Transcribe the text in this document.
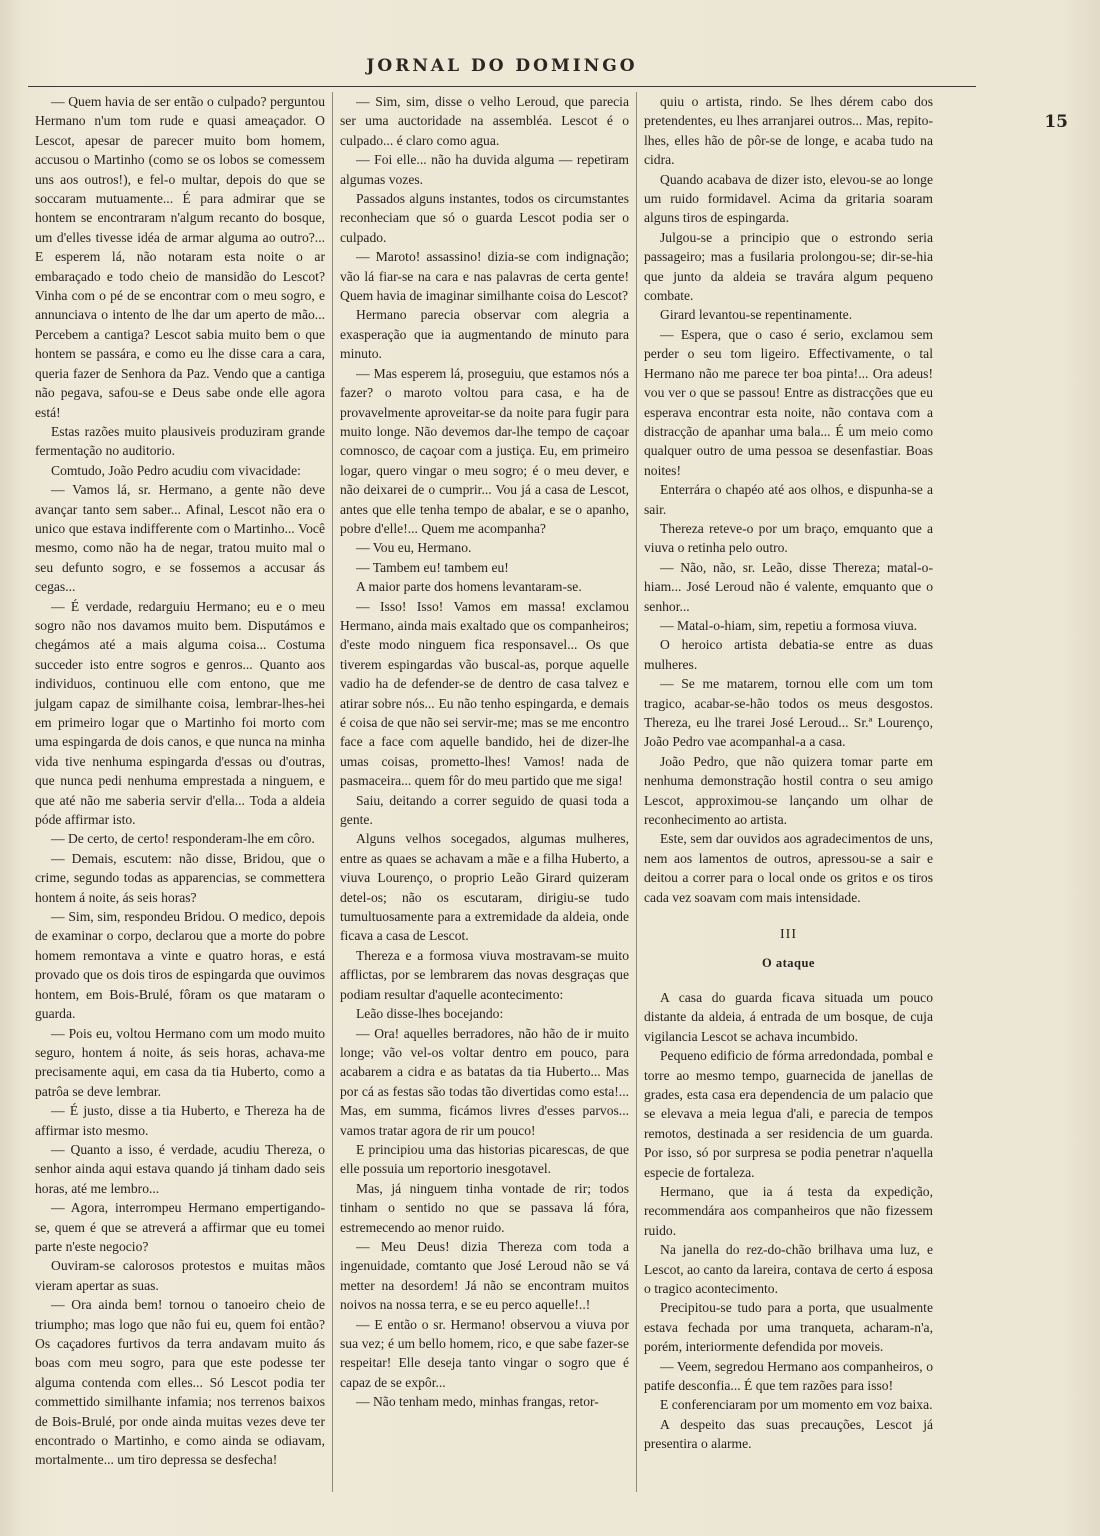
JORNAL DO DOMINGO
15

— Quem havia de ser então o culpado? perguntou Hermano n'um tom rude e quasi ameaçador. O Lescot, apesar de parecer muito bom homem, accusou o Martinho (como se os lobos se comessem uns aos outros!), e fel-o multar, depois do que se soccaram mutuamente... É para admirar que se hontem se encontraram n'algum recanto do bosque, um d'elles tivesse idéa de armar alguma ao outro?... E esperem lá, não notaram esta noite o ar embaraçado e todo cheio de mansidão do Lescot? Vinha com o pé de se encontrar com o meu sogro, e annunciava o intento de lhe dar um aperto de mão... Percebem a cantiga? Lescot sabia muito bem o que hontem se passára, e como eu lhe disse cara a cara, queria fazer de Senhora da Paz. Vendo que a cantiga não pegava, safou-se e Deus sabe onde elle agora está!

Estas razões muito plausiveis produziram grande fermentação no auditorio.

Comtudo, João Pedro acudiu com vivacidade:

— Vamos lá, sr. Hermano, a gente não deve avançar tanto sem saber... Afinal, Lescot não era o unico que estava indifferente com o Martinho... Você mesmo, como não ha de negar, tratou muito mal o seu defunto sogro, e se fossemos a accusar ás cegas...

— É verdade, redarguiu Hermano; eu e o meu sogro não nos davamos muito bem. Disputámos e chegámos até a mais alguma coisa... Costuma succeder isto entre sogros e genros... Quanto aos individuos, continuou elle com entono, que me julgam capaz de similhante coisa, lembrar-lhes-hei em primeiro logar que o Martinho foi morto com uma espingarda de dois canos, e que nunca na minha vida tive nenhuma espingarda d'essas ou d'outras, que nunca pedi nenhuma emprestada a ninguem, e que até não me saberia servir d'ella... Toda a aldeia póde affirmar isto.

— De certo, de certo! responderam-lhe em côro.

— Demais, escutem: não disse, Bridou, que o crime, segundo todas as apparencias, se commettera hontem á noite, ás seis horas?

— Sim, sim, respondeu Bridou. O medico, depois de examinar o corpo, declarou que a morte do pobre homem remontava a vinte e quatro horas, e está provado que os dois tiros de espingarda que ouvimos hontem, em Bois-Brulé, fôram os que mataram o guarda.

— Pois eu, voltou Hermano com um modo muito seguro, hontem á noite, ás seis horas, achava-me precisamente aqui, em casa da tia Huberto, como a patrôa se deve lembrar.

— É justo, disse a tia Huberto, e Thereza ha de affirmar isto mesmo.

— Quanto a isso, é verdade, acudiu Thereza, o senhor ainda aqui estava quando já tinham dado seis horas, até me lembro...

— Agora, interrompeu Hermano empertigando-se, quem é que se atreverá a affirmar que eu tomei parte n'este negocio?

Ouviram-se calorosos protestos e muitas mãos vieram apertar as suas.

— Ora ainda bem! tornou o tanoeiro cheio de triumpho; mas logo que não fui eu, quem foi então? Os caçadores furtivos da terra andavam muito ás boas com meu sogro, para que este podesse ter alguma contenda com elles... Só Lescot podia ter commettido similhante infamia; nos terrenos baixos de Bois-Brulé, por onde ainda muitas vezes deve ter encontrado o Martinho, e como ainda se odiavam, mortalmente... um tiro depressa se desfecha!

— Sim, sim, disse o velho Leroud, que parecia ser uma auctoridade na assembléa. Lescot é o culpado... é claro como agua.

— Foi elle... não ha duvida alguma — repetiram algumas vozes.

Passados alguns instantes, todos os circumstantes reconheciam que só o guarda Lescot podia ser o culpado.

— Maroto! assassino! dizia-se com indignação; vão lá fiar-se na cara e nas palavras de certa gente! Quem havia de imaginar similhante coisa do Lescot?

Hermano parecia observar com alegria a exasperação que ia augmentando de minuto para minuto.

— Mas esperem lá, proseguiu, que estamos nós a fazer? o maroto voltou para casa, e ha de provavelmente aproveitar-se da noite para fugir para muito longe. Não devemos dar-lhe tempo de caçoar comnosco, de caçoar com a justiça. Eu, em primeiro logar, quero vingar o meu sogro; é o meu dever, e não deixarei de o cumprir... Vou já a casa de Lescot, antes que elle tenha tempo de abalar, e se o apanho, pobre d'elle!... Quem me acompanha?

— Vou eu, Hermano.

— Tambem eu! tambem eu!

A maior parte dos homens levantaram-se.

— Isso! Isso! Vamos em massa! exclamou Hermano, ainda mais exaltado que os companheiros; d'este modo ninguem fica responsavel... Os que tiverem espingardas vão buscal-as, porque aquelle vadio ha de defender-se de dentro de casa talvez e atirar sobre nós... Eu não tenho espingarda, e demais é coisa de que não sei servir-me; mas se me encontro face a face com aquelle bandido, hei de dizer-lhe umas coisas, prometto-lhes! Vamos! nada de pasmaceira... quem fôr do meu partido que me siga!

Saiu, deitando a correr seguido de quasi toda a gente.

Alguns velhos socegados, algumas mulheres, entre as quaes se achavam a mãe e a filha Huberto, a viuva Lourenço, o proprio Leão Girard quizeram detel-os; não os escutaram, dirigiu-se tudo tumultuosamente para a extremidade da aldeia, onde ficava a casa de Lescot.

Thereza e a formosa viuva mostravam-se muito afflictas, por se lembrarem das novas desgraças que podiam resultar d'aquelle acontecimento:

Leão disse-lhes bocejando:

— Ora! aquelles berradores, não hão de ir muito longe; vão vel-os voltar dentro em pouco, para acabarem a cidra e as batatas da tia Huberto... Mas por cá as festas são todas tão divertidas como esta!... Mas, em summa, ficámos livres d'esses parvos... vamos tratar agora de rir um pouco!

E principiou uma das historias picarescas, de que elle possuia um reportorio inesgotavel.

Mas, já ninguem tinha vontade de rir; todos tinham o sentido no que se passava lá fóra, estremecendo ao menor ruido.

— Meu Deus! dizia Thereza com toda a ingenuidade, comtanto que José Leroud não se vá metter na desordem! Já não se encontram muitos noivos na nossa terra, e se eu perco aquelle!..!

— E então o sr. Hermano! observou a viuva por sua vez; é um bello homem, rico, e que sabe fazer-se respeitar! Elle deseja tanto vingar o sogro que é capaz de se expôr...

— Não tenham medo, minhas frangas, retor-

quiu o artista, rindo. Se lhes dérem cabo dos pretendentes, eu lhes arranjarei outros... Mas, repito-lhes, elles hão de pôr-se de longe, e acaba tudo na cidra.

Quando acabava de dizer isto, elevou-se ao longe um ruido formidavel. Acima da gritaria soaram alguns tiros de espingarda.

Julgou-se a principio que o estrondo seria passageiro; mas a fusilaria prolongou-se; dir-se-hia que junto da aldeia se travára algum pequeno combate.

Girard levantou-se repentinamente.

— Espera, que o caso é serio, exclamou sem perder o seu tom ligeiro. Effectivamente, o tal Hermano não me parece ter boa pinta!... Ora adeus! vou ver o que se passou! Entre as distracções que eu esperava encontrar esta noite, não contava com a distracção de apanhar uma bala... É um meio como qualquer outro de uma pessoa se desenfastiar. Boas noites!

Enterrára o chapéo até aos olhos, e dispunha-se a sair.

Thereza reteve-o por um braço, emquanto que a viuva o retinha pelo outro.

— Não, não, sr. Leão, disse Thereza; matal-o-hiam... José Leroud não é valente, emquanto que o senhor...

— Matal-o-hiam, sim, repetiu a formosa viuva.

O heroico artista debatia-se entre as duas mulheres.

— Se me matarem, tornou elle com um tom tragico, acabar-se-hão todos os meus desgostos. Thereza, eu lhe trarei José Leroud... Sr.ª Lourenço, João Pedro vae acompanhal-a a casa.

João Pedro, que não quizera tomar parte em nenhuma demonstração hostil contra o seu amigo Lescot, approximou-se lançando um olhar de reconhecimento ao artista.

Este, sem dar ouvidos aos agradecimentos de uns, nem aos lamentos de outros, apressou-se a sair e deitou a correr para o local onde os gritos e os tiros cada vez soavam com mais intensidade.

III

O ataque

A casa do guarda ficava situada um pouco distante da aldeia, á entrada de um bosque, de cuja vigilancia Lescot se achava incumbido.

Pequeno edificio de fórma arredondada, pombal e torre ao mesmo tempo, guarnecida de janellas de grades, esta casa era dependencia de um palacio que se elevava a meia legua d'ali, e parecia de tempos remotos, destinada a ser residencia de um guarda. Por isso, só por surpresa se podia penetrar n'aquella especie de fortaleza.

Hermano, que ia á testa da expedição, recommendára aos companheiros que não fizessem ruido.

Na janella do rez-do-chão brilhava uma luz, e Lescot, ao canto da lareira, contava de certo á esposa o tragico acontecimento.

Precipitou-se tudo para a porta, que usualmente estava fechada por uma tranqueta, acharam-n'a, porém, interiormente defendida por moveis.

— Veem, segredou Hermano aos companheiros, o patife desconfia... É que tem razões para isso!

E conferenciaram por um momento em voz baixa.

A despeito das suas precauções, Lescot já presentira o alarme.
